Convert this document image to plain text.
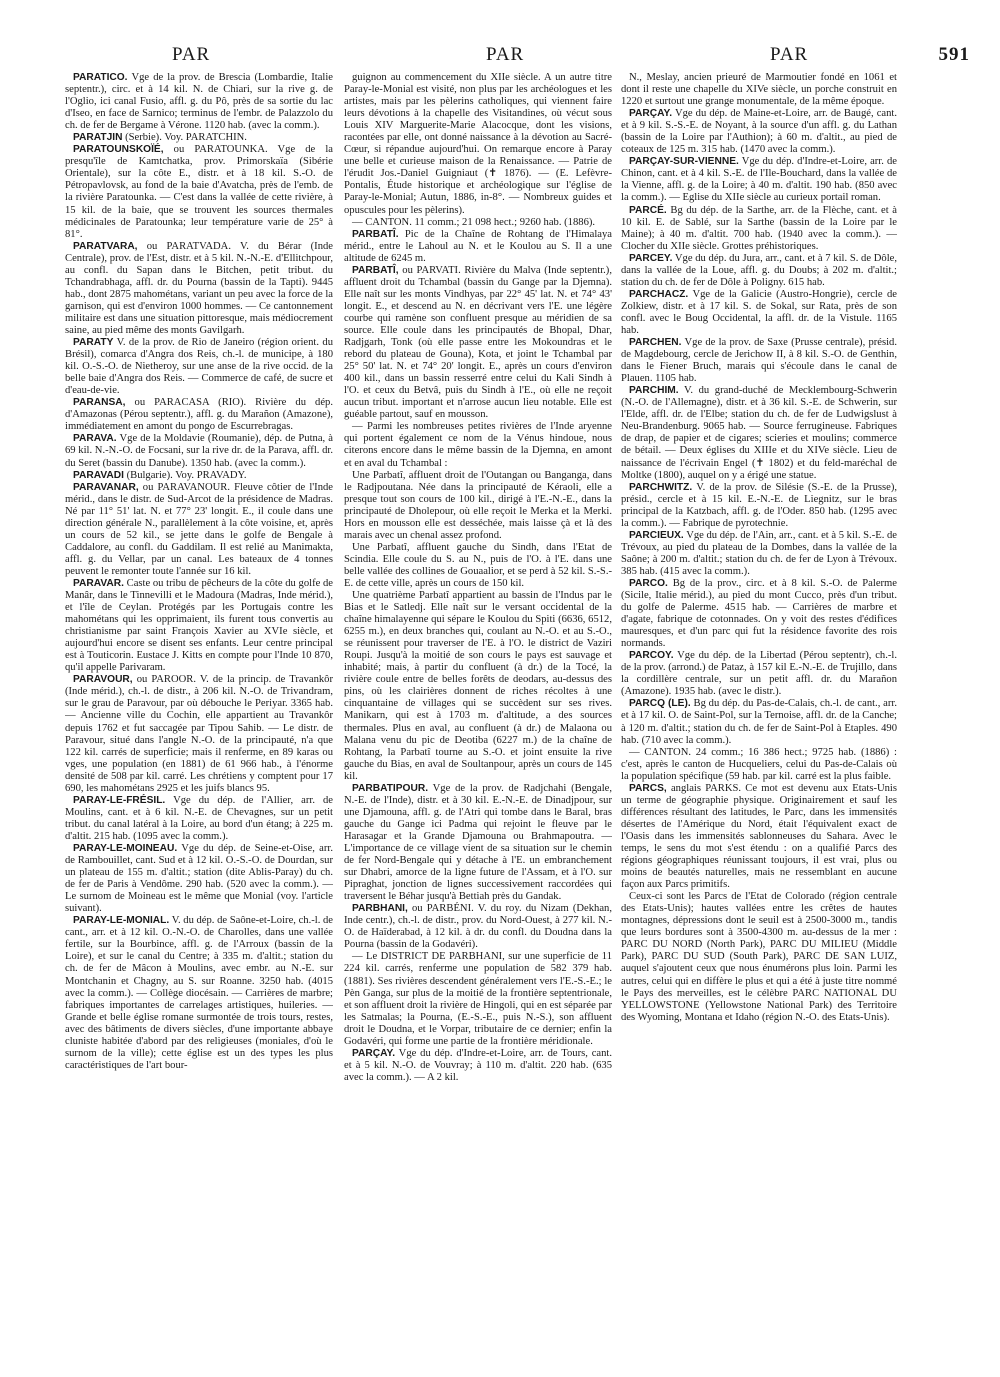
PAR	PAR	PAR	591

PARATICO. Vge de la prov. de Brescia (Lombardie, Italie septentr.), circ. et à 14 kil. N. de Chiari, sur la rive g. de l'Oglio, ici canal Fusio, affl. g. du Pô, près de sa sortie du lac d'Iseo, en face de Sarnico; terminus de l'embr. de Palazzolo du ch. de fer de Bergame à Vérone. 1120 hab. (avec la comm.).

PARATJIN (Serbie). Voy. PARATCHIN.

PARATOUNSKOÏÉ, ou PARATOUNKA. Vge de la presqu'île de Kamtchatka, prov. Primorskaïa (Sibérie Orientale), sur la côte E., distr. et à 18 kil. S.-O. de Pétropavlovsk, au fond de la baie d'Avatcha, près de l'emb. de la rivière Paratounka. — C'est dans la vallée de cette rivière, à 15 kil. de la baie, que se trouvent les sources thermales médicinales de Paratounka; leur température varie de 25° à 81°.

PARATVARA, ou PARATVADA. V. du Bérar (Inde Centrale), prov. de l'Est, distr. et à 5 kil. N.-N.-E. d'Ellitchpour, au confl. du Sapan dans le Bitchen, petit tribut. du Tchandrabhaga, affl. dr. du Pourna (bassin de la Tapti). 9445 hab., dont 2875 mahométans, variant un peu avec la force de la garnison, qui est d'environ 1000 hommes. — Ce cantonnement militaire est dans une situation pittoresque, mais médiocrement saine, au pied même des monts Gavilgarh.

PARATY V. de la prov. de Rio de Janeiro (région orient. du Brésil), comarca d'Angra dos Reis, ch.-l. de municipe, à 180 kil. O.-S.-O. de Nietheroy, sur une anse de la rive occid. de la belle baie d'Angra dos Reis. — Commerce de café, de sucre et d'eau-de-vie.

PARANSA, ou PARACASA (RIO). Rivière du dép. d'Amazonas (Pérou septentr.), affl. g. du Marañon (Amazone), immédiatement en amont du pongo de Escurrebragas.

PARAVA. Vge de la Moldavie (Roumanie), dép. de Putna, à 69 kil. N.-N.-O. de Focsani, sur la rive dr. de la Parava, affl. dr. du Seret (bassin du Danube). 1350 hab. (avec la comm.).

PARAVADI (Bulgarie). Voy. PRAVADY.

PARAVANAR, ou PARAVANOUR. Fleuve côtier de l'Inde mérid., dans le distr. de Sud-Arcot de la présidence de Madras. Né par 11° 51' lat. N. et 77° 23' longit. E., il coule dans une direction générale N., parallèlement à la côte voisine, et, après un cours de 52 kil., se jette dans le golfe de Bengale à Caddalore, au confl. du Gaddilam. Il est relié au Manimakta, affl. g. du Vellar, par un canal. Les bateaux de 4 tonnes peuvent le remonter toute l'année sur 16 kil.

PARAVAR. Caste ou tribu de pêcheurs de la côte du golfe de Manâr, dans le Tinnevilli et le Madoura (Madras, Inde mérid.), et l'île de Ceylan. Protégés par les Portugais contre les mahométans qui les opprimaient, ils furent tous convertis au christianisme par saint François Xavier au XVIe siècle, et aujourd'hui encore se disent ses enfants. Leur centre principal est à Touticorin. Eustace J. Kitts en compte pour l'Inde 10 870, qu'il appelle Parivaram.

PARAVOUR, ou PAROOR. V. de la princip. de Travankôr (Inde mérid.), ch.-l. de distr., à 206 kil. N.-O. de Trivandram, sur le grau de Paravour, par où débouche le Periyar. 3365 hab. — Ancienne ville du Cochin, elle appartient au Travankôr depuis 1762 et fut saccagée par Tipou Sahib. — Le distr. de Paravour, situé dans l'angle N.-O. de la principauté, n'a que 122 kil. carrés de superficie; mais il renferme, en 89 karas ou vges, une population (en 1881) de 61 966 hab., à l'énorme densité de 508 par kil. carré. Les chrétiens y comptent pour 17 690, les mahométans 2925 et les juifs blancs 95.

PARAY-LE-FRÉSIL. Vge du dép. de l'Allier, arr. de Moulins, cant. et à 6 kil. N.-E. de Chevagnes, sur un petit tribut. du canal latéral à la Loire, au bord d'un étang; à 225 m. d'altit. 215 hab. (1095 avec la comm.).

PARAY-LE-MOINEAU. Vge du dép. de Seine-et-Oise, arr. de Rambouillet, cant. Sud et à 12 kil. O.-S.-O. de Dourdan, sur un plateau de 155 m. d'altit.; station (dite Ablis-Paray) du ch. de fer de Paris à Vendôme. 290 hab. (520 avec la comm.). — Le surnom de Moineau est le même que Monial (voy. l'article suivant).

PARAY-LE-MONIAL. V. du dép. de Saône-et-Loire, ch.-l. de cant., arr. et à 12 kil. O.-N.-O. de Charolles, dans une vallée fertile, sur la Bourbince, affl. g. de l'Arroux (bassin de la Loire), et sur le canal du Centre; à 335 m. d'altit.; station du ch. de fer de Mâcon à Moulins, avec embr. au N.-E. sur Montchanin et Chagny, au S. sur Roanne. 3250 hab. (4015 avec la comm.). — Collège diocésain. — Carrières de marbre; fabriques importantes de carrelages artistiques, huileries. — Grande et belle église romane surmontée de trois tours, restes, avec des bâtiments de divers siècles, d'une importante abbaye cluniste habitée d'abord par des religieuses (moniales, d'où le surnom de la ville); cette église est un des types les plus caractéristiques de l'art bour-

guignon au commencement du XIIe siècle. A un autre titre Paray-le-Monial est visité, non plus par les archéologues et les artistes, mais par les pèlerins catholiques, qui viennent faire leurs dévotions à la chapelle des Visitandines, où vécut sous Louis XIV Marguerite-Marie Alacocque, dont les visions, racontées par elle, ont donné naissance à la dévotion au Sacré-Cœur, si répandue aujourd'hui. On remarque encore à Paray une belle et curieuse maison de la Renaissance. — Patrie de l'érudit Jos.-Daniel Guigniaut (✝ 1876). — (E. Lefèvre-Pontalis, Étude historique et archéologique sur l'église de Paray-le-Monial; Autun, 1886, in-8°. — Nombreux guides et opuscules pour les pèlerins).

— CANTON. 11 comm.; 21 098 hect.; 9260 hab. (1886).

PARBATÎ. Pic de la Chaîne de Rohtang de l'Himalaya mérid., entre le Lahoul au N. et le Koulou au S. Il a une altitude de 6245 m.

PARBATÎ, ou PARVATI. Rivière du Malva (Inde septentr.), affluent droit du Tchambal (bassin du Gange par la Djemna). Elle naît sur les monts Vindhyas, par 22° 45' lat. N. et 74° 43' longit. E., et descend au N. en décrivant vers l'E. une légère courbe qui ramène son confluent presque au méridien de sa source. Elle coule dans les principautés de Bhopal, Dhar, Radjgarh, Tonk (où elle passe entre les Mokoundras et le rebord du plateau de Gouna), Kota, et joint le Tchambal par 25° 50' lat. N. et 74° 20' longit. E., après un cours d'environ 400 kil., dans un bassin resserré entre celui du Kali Sindh à l'O. et ceux du Betvâ, puis du Sindh à l'E., où elle ne reçoit aucun tribut. important et n'arrose aucun lieu notable. Elle est guéable partout, sauf en mousson.

— Parmi les nombreuses petites rivières de l'Inde aryenne qui portent également ce nom de la Vénus hindoue, nous citerons encore dans le même bassin de la Djemna, en amont et en aval du Tchambal :

Une Parbatî, affluent droit de l'Outangan ou Banganga, dans le Radjpoutana. Née dans la principauté de Kéraoli, elle a presque tout son cours de 100 kil., dirigé à l'E.-N.-E., dans la principauté de Dholepour, où elle reçoit le Merka et la Merki. Hors en mousson elle est desséchée, mais laisse çà et là des marais avec un chenal assez profond.

Une Parbatî, affluent gauche du Sindh, dans l'Etat de Scindia. Elle coule du S. au N., puis de l'O. à l'E. dans une belle vallée des collines de Gouaalior, et se perd à 52 kil. S.-S.-E. de cette ville, après un cours de 150 kil.

Une quatrième Parbatî appartient au bassin de l'Indus par le Bias et le Satledj. Elle naît sur le versant occidental de la chaîne himalayenne qui sépare le Koulou du Spiti (6636, 6512, 6255 m.), en deux branches qui, coulant au N.-O. et au S.-O., se réunissent pour traverser de l'E. à l'O. le district de Vaziri Roupi. Jusqu'à la moitié de son cours le pays est sauvage et inhabité; mais, à partir du confluent (à dr.) de la Tocé, la rivière coule entre de belles forêts de deodars, au-dessus des pins, où les clairières donnent de riches récoltes à une cinquantaine de villages qui se succèdent sur ses rives. Manikarn, qui est à 1703 m. d'altitude, a des sources thermales. Plus en aval, au confluent (à dr.) de Malaona ou Malana venu du pic de Deotiba (6227 m.) de la chaîne de Rohtang, la Parbatî tourne au S.-O. et joint ensuite la rive gauche du Bias, en aval de Soultanpour, après un cours de 145 kil.

PARBATIPOUR. Vge de la prov. de Radjchahi (Bengale, N.-E. de l'Inde), distr. et à 30 kil. E.-N.-E. de Dinadjpour, sur une Djamouna, affl. g. de l'Atri qui tombe dans le Baral, bras gauche du Gange ici Padma qui rejoint le fleuve par le Harasagar et la Grande Djamouna ou Brahmapoutra. — L'importance de ce village vient de sa situation sur le chemin de fer Nord-Bengale qui y détache à l'E. un embranchement sur Dhabri, amorce de la ligne future de l'Assam, et à l'O. sur Pipraghat, jonction de lignes successivement raccordées qui traversent le Béhar jusqu'à Bettiah près du Gandak.

PARBHANI, ou PARBÉNI. V. du roy. du Nizam (Dekhan, Inde centr.), ch.-l. de distr., prov. du Nord-Ouest, à 277 kil. N.-O. de Haïderabad, à 12 kil. à dr. du confl. du Doudna dans la Pourna (bassin de la Godavéri).

— Le DISTRICT DE PARBHANI, sur une superficie de 11 224 kil. carrés, renferme une population de 582 379 hab. (1881). Ses rivières descendent généralement vers l'E.-S.-E.; le Pèn Ganga, sur plus de la moitié de la frontière septentrionale, et son affluent droit la rivière de Hingoli, qui en est séparée par les Satmalas; la Pourna, (E.-S.-E., puis N.-S.), son affluent droit le Doudna, et le Vorpar, tributaire de ce dernier; enfin la Godavéri, qui forme une partie de la frontière méridionale.

PARÇAY. Vge du dép. d'Indre-et-Loire, arr. de Tours, cant. et à 5 kil. N.-O. de Vouvray; à 110 m. d'altit. 220 hab. (635 avec la comm.). — A 2 kil.

N., Meslay, ancien prieuré de Marmoutier fondé en 1061 et dont il reste une chapelle du XIVe siècle, un porche construit en 1220 et surtout une grange monumentale, de la même époque.

PARÇAY. Vge du dép. de Maine-et-Loire, arr. de Baugé, cant. et à 9 kil. S.-S.-E. de Noyant, à la source d'un affl. g. du Lathan (bassin de la Loire par l'Authion); à 60 m. d'altit., au pied de coteaux de 125 m. 315 hab. (1470 avec la comm.).

PARÇAY-SUR-VIENNE. Vge du dép. d'Indre-et-Loire, arr. de Chinon, cant. et à 4 kil. S.-E. de l'Ile-Bouchard, dans la vallée de la Vienne, affl. g. de la Loire; à 40 m. d'altit. 190 hab. (850 avec la comm.). — Eglise du XIIe siècle au curieux portail roman.

PARCÉ. Bg du dép. de la Sarthe, arr. de la Flèche, cant. et à 10 kil. E. de Sablé, sur la Sarthe (bassin de la Loire par le Maine); à 40 m. d'altit. 700 hab. (1940 avec la comm.). — Clocher du XIIe siècle. Grottes préhistoriques.

PARCEY. Vge du dép. du Jura, arr., cant. et à 7 kil. S. de Dôle, dans la vallée de la Loue, affl. g. du Doubs; à 202 m. d'altit.; station du ch. de fer de Dôle à Poligny. 615 hab.

PARCHACZ. Vge de la Galicie (Austro-Hongrie), cercle de Zolkiew, distr. et à 17 kil. S. de Sokal, sur Rata, près de son confl. avec le Boug Occidental, la affl. dr. de la Vistule. 1165 hab.

PARCHEN. Vge de la prov. de Saxe (Prusse centrale), présid. de Magdebourg, cercle de Jerichow II, à 8 kil. S.-O. de Genthin, dans le Fiener Bruch, marais qui s'écoule dans le canal de Plauen. 1105 hab.

PARCHIM. V. du grand-duché de Mecklembourg-Schwerin (N.-O. de l'Allemagne), distr. et à 36 kil. S.-E. de Schwerin, sur l'Elde, affl. dr. de l'Elbe; station du ch. de fer de Ludwigslust à Neu-Brandenburg. 9065 hab. — Source ferrugineuse. Fabriques de drap, de papier et de cigares; scieries et moulins; commerce de bétail. — Deux églises du XIIIe et du XIVe siècle. Lieu de naissance de l'écrivain Engel (✝ 1802) et du feld-maréchal de Moltke (1800), auquel on y a érigé une statue.

PARCHWITZ. V. de la prov. de Silésie (S.-E. de la Prusse), présid., cercle et à 15 kil. E.-N.-E. de Liegnitz, sur le bras principal de la Katzbach, affl. g. de l'Oder. 850 hab. (1295 avec la comm.). — Fabrique de pyrotechnie.

PARCIEUX. Vge du dép. de l'Ain, arr., cant. et à 5 kil. S.-E. de Trévoux, au pied du plateau de la Dombes, dans la vallée de la Saône; à 200 m. d'altit.; station du ch. de fer de Lyon à Trévoux. 385 hab. (415 avec la comm.).

PARCO. Bg de la prov., circ. et à 8 kil. S.-O. de Palerme (Sicile, Italie mérid.), au pied du mont Cucco, près d'un tribut. du golfe de Palerme. 4515 hab. — Carrières de marbre et d'agate, fabrique de cotonnades. On y voit des restes d'édifices mauresques, et d'un parc qui fut la résidence favorite des rois normands.

PARCOY. Vge du dép. de la Libertad (Pérou septentr), ch.-l. de la prov. (arrond.) de Pataz, à 157 kil E.-N.-E. de Trujillo, dans la cordillère centrale, sur un petit affl. dr. du Marañon (Amazone). 1935 hab. (avec le distr.).

PARCQ (LE). Bg du dép. du Pas-de-Calais, ch.-l. de cant., arr. et à 17 kil. O. de Saint-Pol, sur la Ternoise, affl. dr. de la Canche; à 120 m. d'altit.; station du ch. de fer de Saint-Pol à Etaples. 490 hab. (710 avec la comm.).

— CANTON. 24 comm.; 16 386 hect.; 9725 hab. (1886) : c'est, après le canton de Hucqueliers, celui du Pas-de-Calais où la population spécifique (59 hab. par kil. carré est la plus faible.

PARCS, anglais PARKS. Ce mot est devenu aux Etats-Unis un terme de géographie physique. Originairement et sauf les différences résultant des latitudes, le Parc, dans les immensités désertes de l'Amérique du Nord, était l'équivalent exact de l'Oasis dans les immensités sablonneuses du Sahara. Avec le temps, le sens du mot s'est étendu : on a qualifié Parcs des régions géographiques réunissant toujours, il est vrai, plus ou moins de beautés naturelles, mais ne ressemblant en aucune façon aux Parcs primitifs.

Ceux-ci sont les Parcs de l'Etat de Colorado (région centrale des Etats-Unis); hautes vallées entre les crêtes de hautes montagnes, dépressions dont le seuil est à 2500-3000 m., tandis que leurs bordures sont à 3500-4300 m. au-dessus de la mer : PARC DU NORD (North Park), PARC DU MILIEU (Middle Park), PARC DU SUD (South Park), PARC DE SAN LUIZ, auquel s'ajoutent ceux que nous énumérons plus loin. Parmi les autres, celui qui en diffère le plus et qui a été à juste titre nommé le Pays des merveilles, est le célèbre PARC NATIONAL DU YELLOWSTONE (Yellowstone National Park) des Territoire des Wyoming, Montana et Idaho (région N.-O. des Etats-Unis).
